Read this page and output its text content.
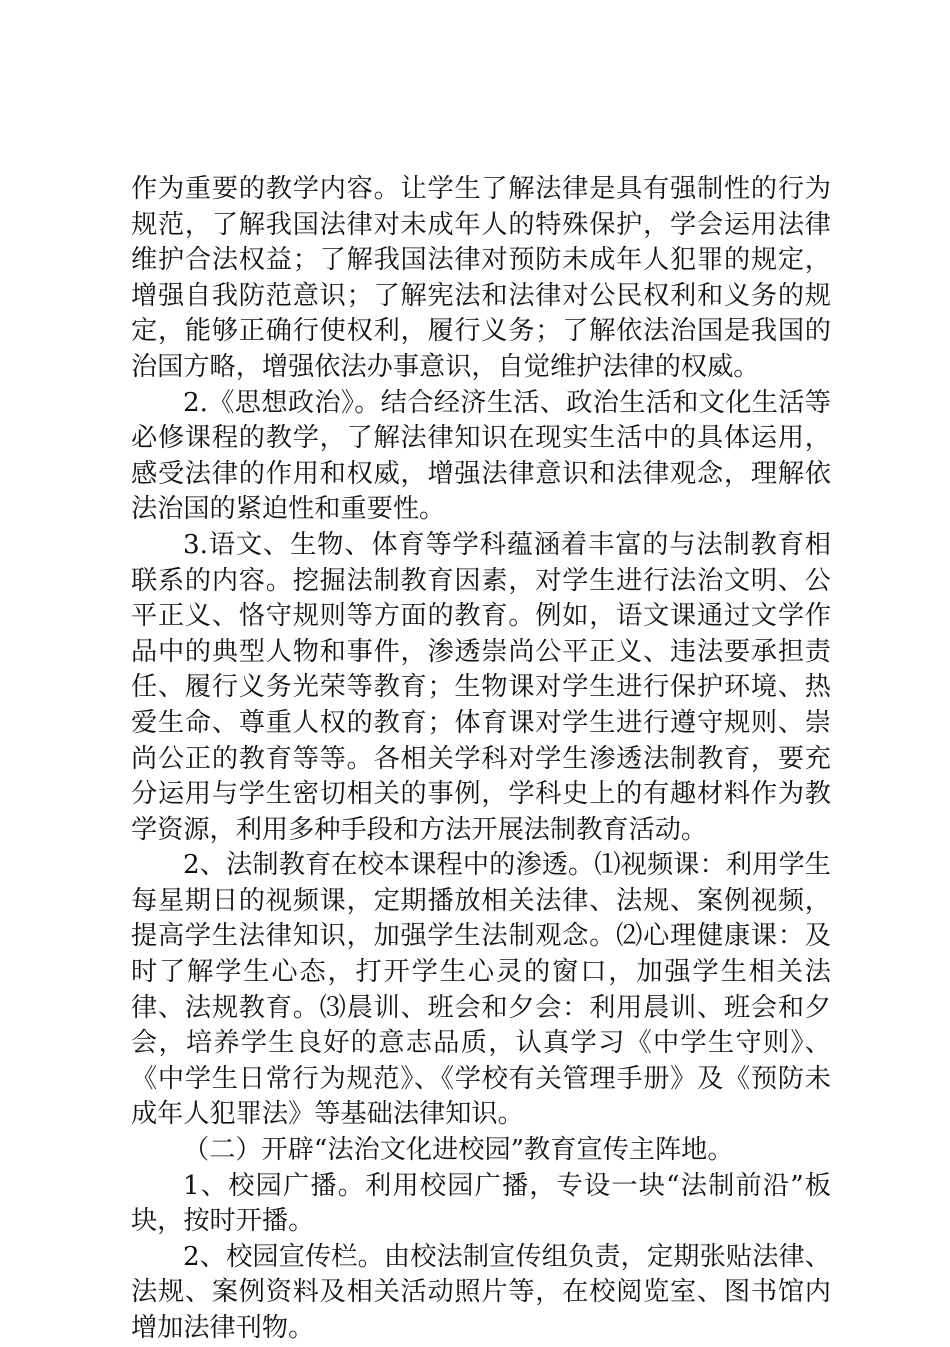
作为重要的教学内容。让学生了解法律是具有强制性的行为规范，了解我国法律对未成年人的特殊保护，学会运用法律维护合法权益；了解我国法律对预防未成年人犯罪的规定，增强自我防范意识；了解宪法和法律对公民权利和义务的规定，能够正确行使权利，履行义务；了解依法治国是我国的治国方略，增强依法办事意识，自觉维护法律的权威。

2.《思想政治》。结合经济生活、政治生活和文化生活等必修课程的教学，了解法律知识在现实生活中的具体运用，感受法律的作用和权威，增强法律意识和法律观念，理解依法治国的紧迫性和重要性。

3.语文、生物、体育等学科蕴涵着丰富的与法制教育相联系的内容。挖掘法制教育因素，对学生进行法治文明、公平正义、恪守规则等方面的教育。例如，语文课通过文学作品中的典型人物和事件，渗透崇尚公平正义、违法要承担责任、履行义务光荣等教育；生物课对学生进行保护环境、热爱生命、尊重人权的教育；体育课对学生进行遵守规则、崇尚公正的教育等等。各相关学科对学生渗透法制教育，要充分运用与学生密切相关的事例，学科史上的有趣材料作为教学资源，利用多种手段和方法开展法制教育活动。

2、法制教育在校本课程中的渗透。⑴视频课：利用学生每星期日的视频课，定期播放相关法律、法规、案例视频，提高学生法律知识，加强学生法制观念。⑵心理健康课：及时了解学生心态，打开学生心灵的窗口，加强学生相关法律、法规教育。⑶晨训、班会和夕会：利用晨训、班会和夕会，培养学生良好的意志品质，认真学习《中学生守则》、《中学生日常行为规范》、《学校有关管理手册》及《预防未成年人犯罪法》等基础法律知识。

（二）开辟“法治文化进校园”教育宣传主阵地。

1、校园广播。利用校园广播，专设一块“法制前沿”板块，按时开播。

2、校园宣传栏。由校法制宣传组负责，定期张贴法律、法规、案例资料及相关活动照片等，在校阅览室、图书馆内增加法律刊物。
